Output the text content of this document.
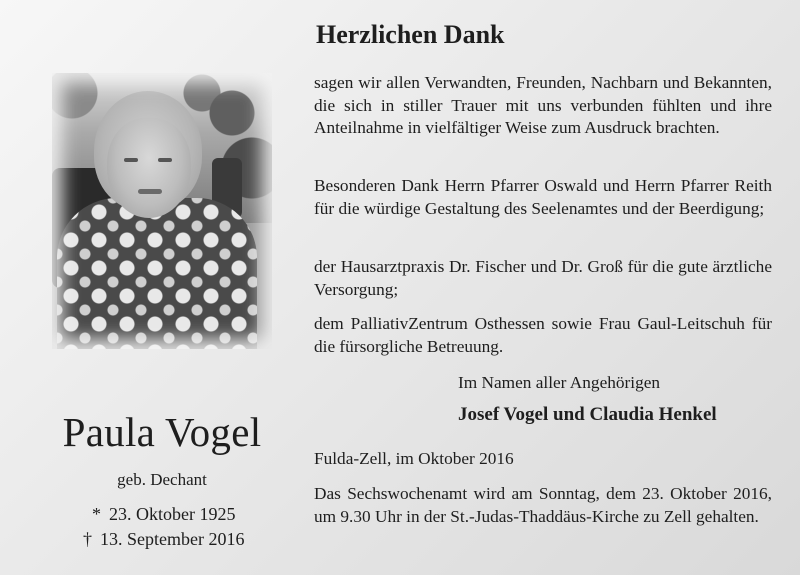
Paula Vogel
geb. Dechant
* 23. Oktober 1925
† 13. September 2016
Herzlichen Dank

sagen wir allen Verwandten, Freunden, Nachbarn und Bekannten, die sich in stiller Trauer mit uns verbunden fühlten und ihre Anteilnahme in vielfältiger Weise zum Ausdruck brachten.

Besonderen Dank Herrn Pfarrer Oswald und Herrn Pfarrer Reith für die würdige Gestaltung des Seelenamtes und der Beerdigung;

der Hausarztpraxis Dr. Fischer und Dr. Groß für die gute ärztliche Versorgung;

dem PalliativZentrum Osthessen sowie Frau Gaul-Leitschuh für die fürsorgliche Betreuung.

Im Namen aller Angehörigen
Josef Vogel und Claudia Henkel
Fulda-Zell, im Oktober 2016

Das Sechswochenamt wird am Sonntag, dem 23. Oktober 2016, um 9.30 Uhr in der St.-Judas-Thaddäus-Kirche zu Zell gehalten.
